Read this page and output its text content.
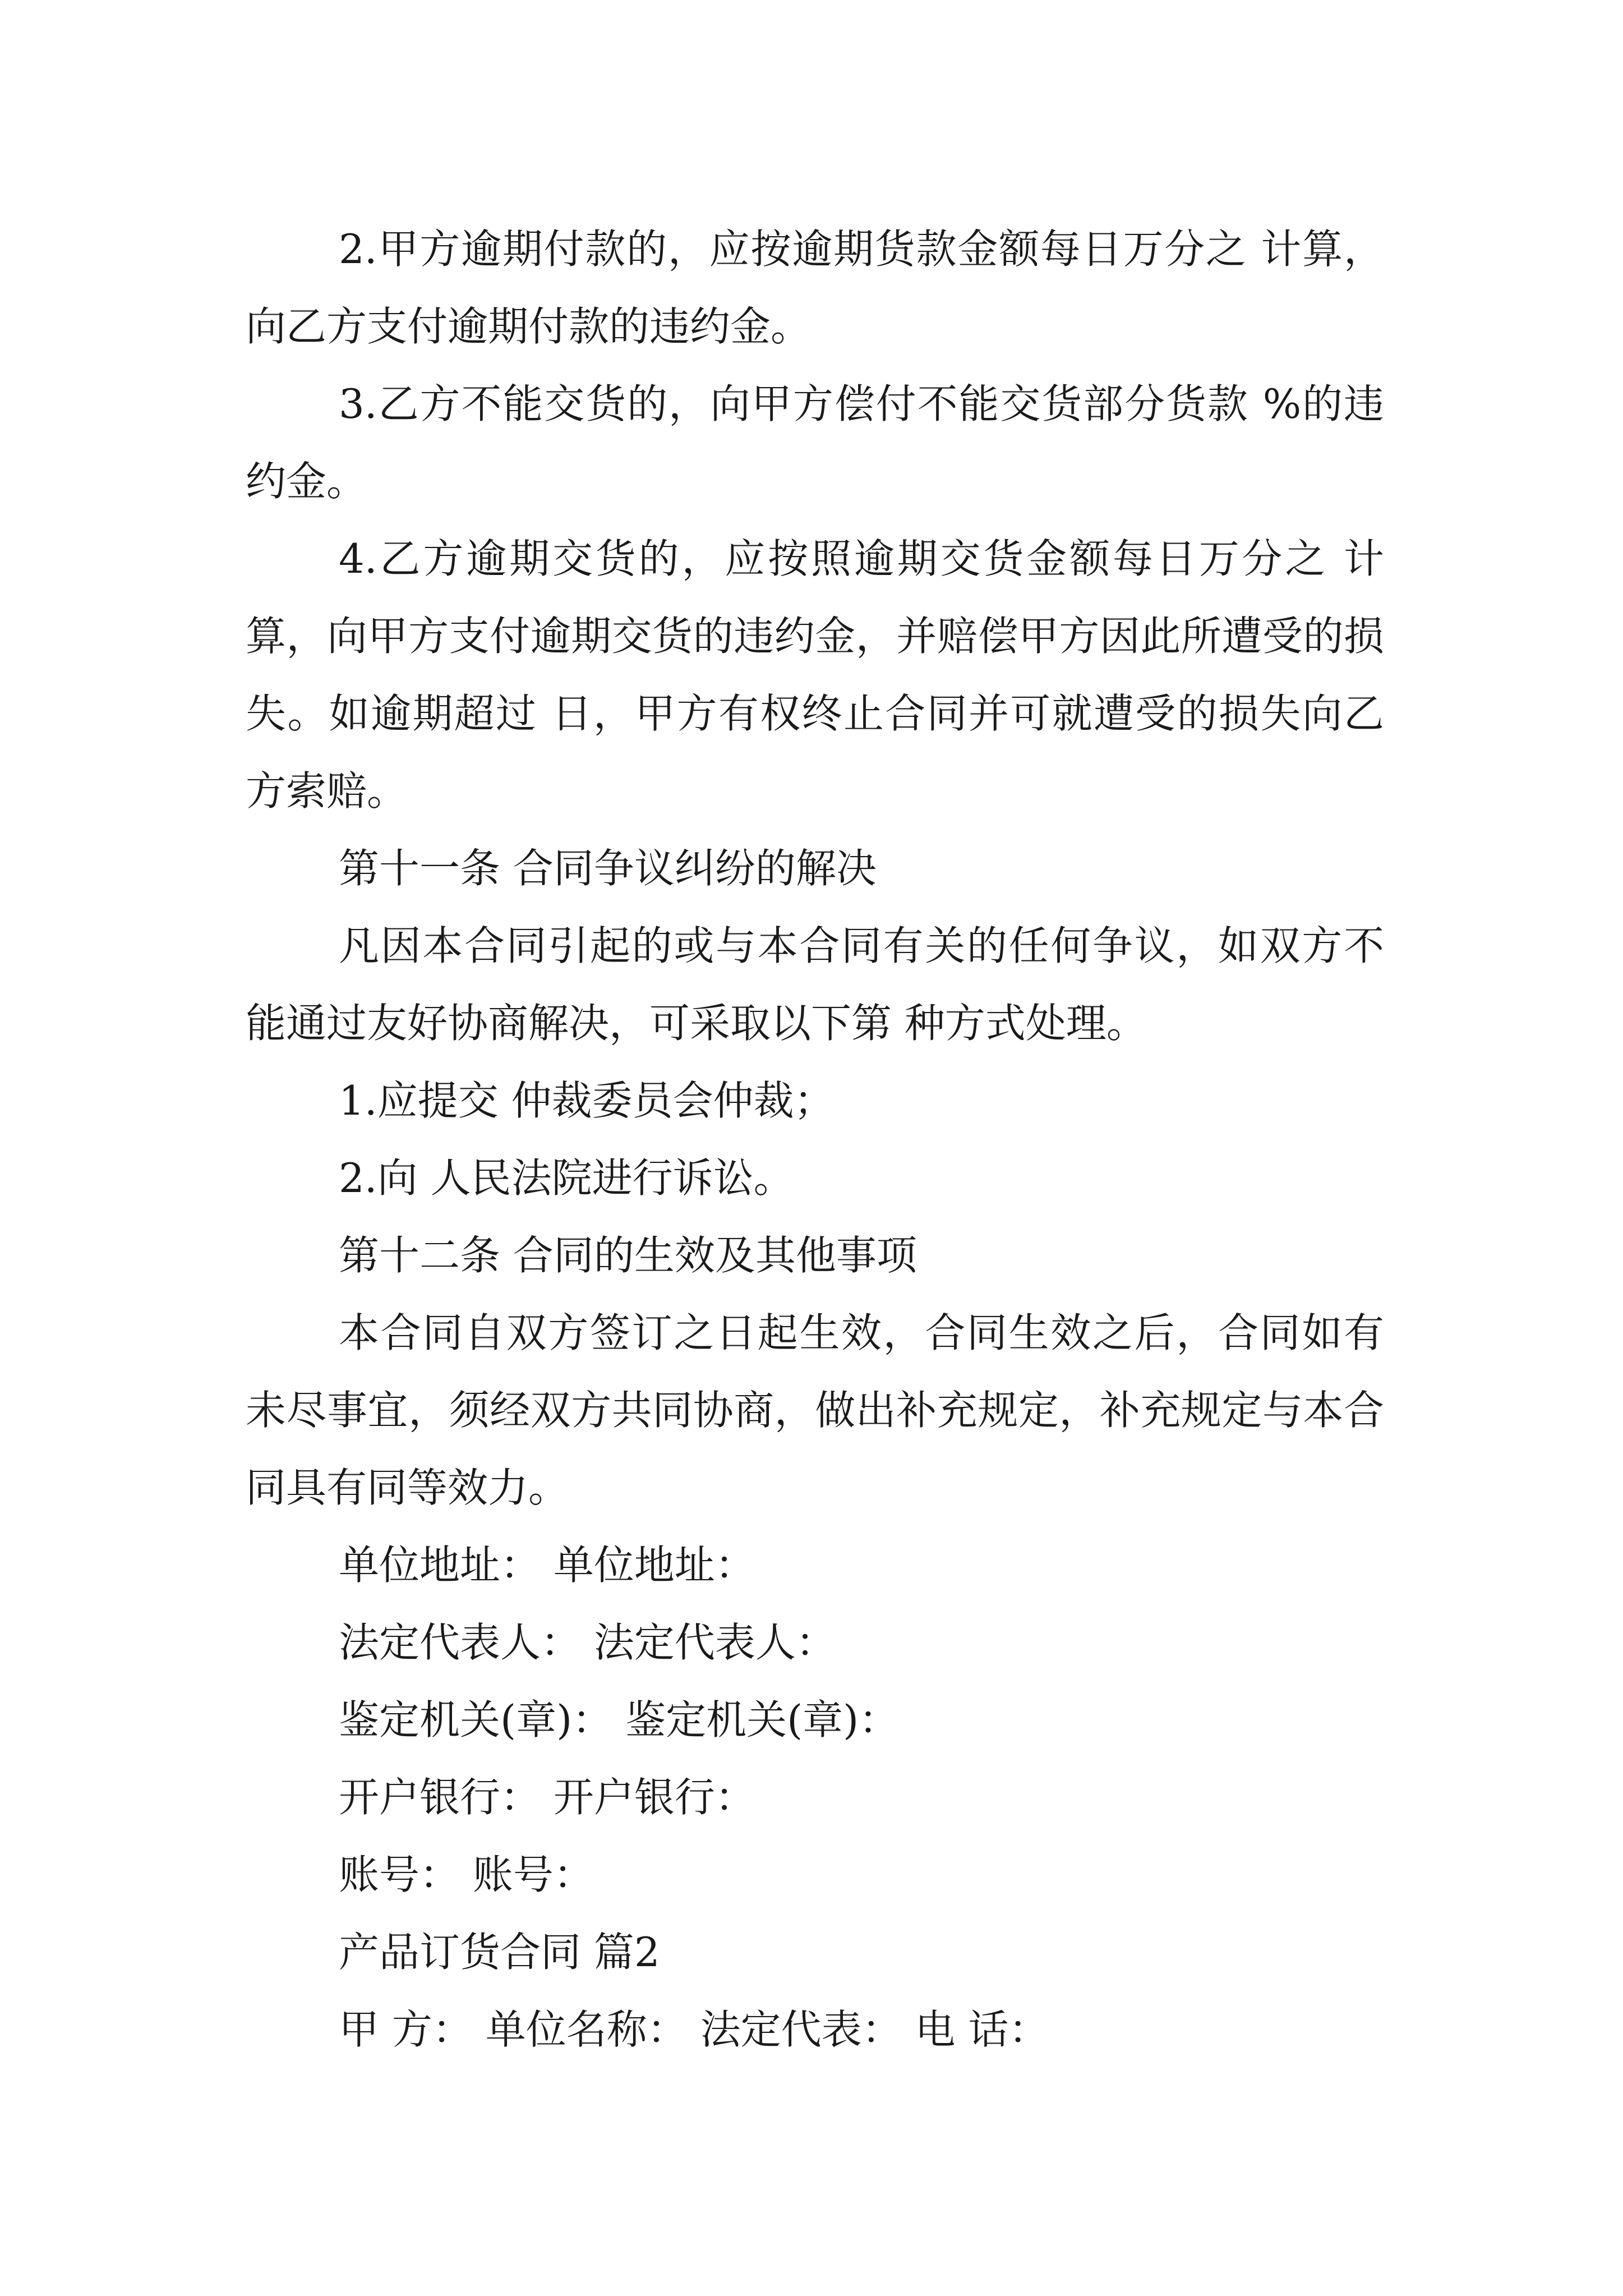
2.甲方逾期付款的，应按逾期货款金额每日万分之 计算，向乙方支付逾期付款的违约金。

3.乙方不能交货的，向甲方偿付不能交货部分货款 %的违约金。

4.乙方逾期交货的，应按照逾期交货金额每日万分之 计算，向甲方支付逾期交货的违约金，并赔偿甲方因此所遭受的损失。如逾期超过 日，甲方有权终止合同并可就遭受的损失向乙方索赔。

第十一条 合同争议纠纷的解决

凡因本合同引起的或与本合同有关的任何争议，如双方不能通过友好协商解决，可采取以下第 种方式处理。

1.应提交 仲裁委员会仲裁；

2.向 人民法院进行诉讼。

第十二条 合同的生效及其他事项

本合同自双方签订之日起生效，合同生效之后，合同如有未尽事宜，须经双方共同协商，做出补充规定，补充规定与本合同具有同等效力。

单位地址： 单位地址：

法定代表人： 法定代表人：

鉴定机关(章)： 鉴定机关(章)：

开户银行： 开户银行：

账号： 账号：

产品订货合同 篇2

甲 方： 单位名称： 法定代表： 电 话：
